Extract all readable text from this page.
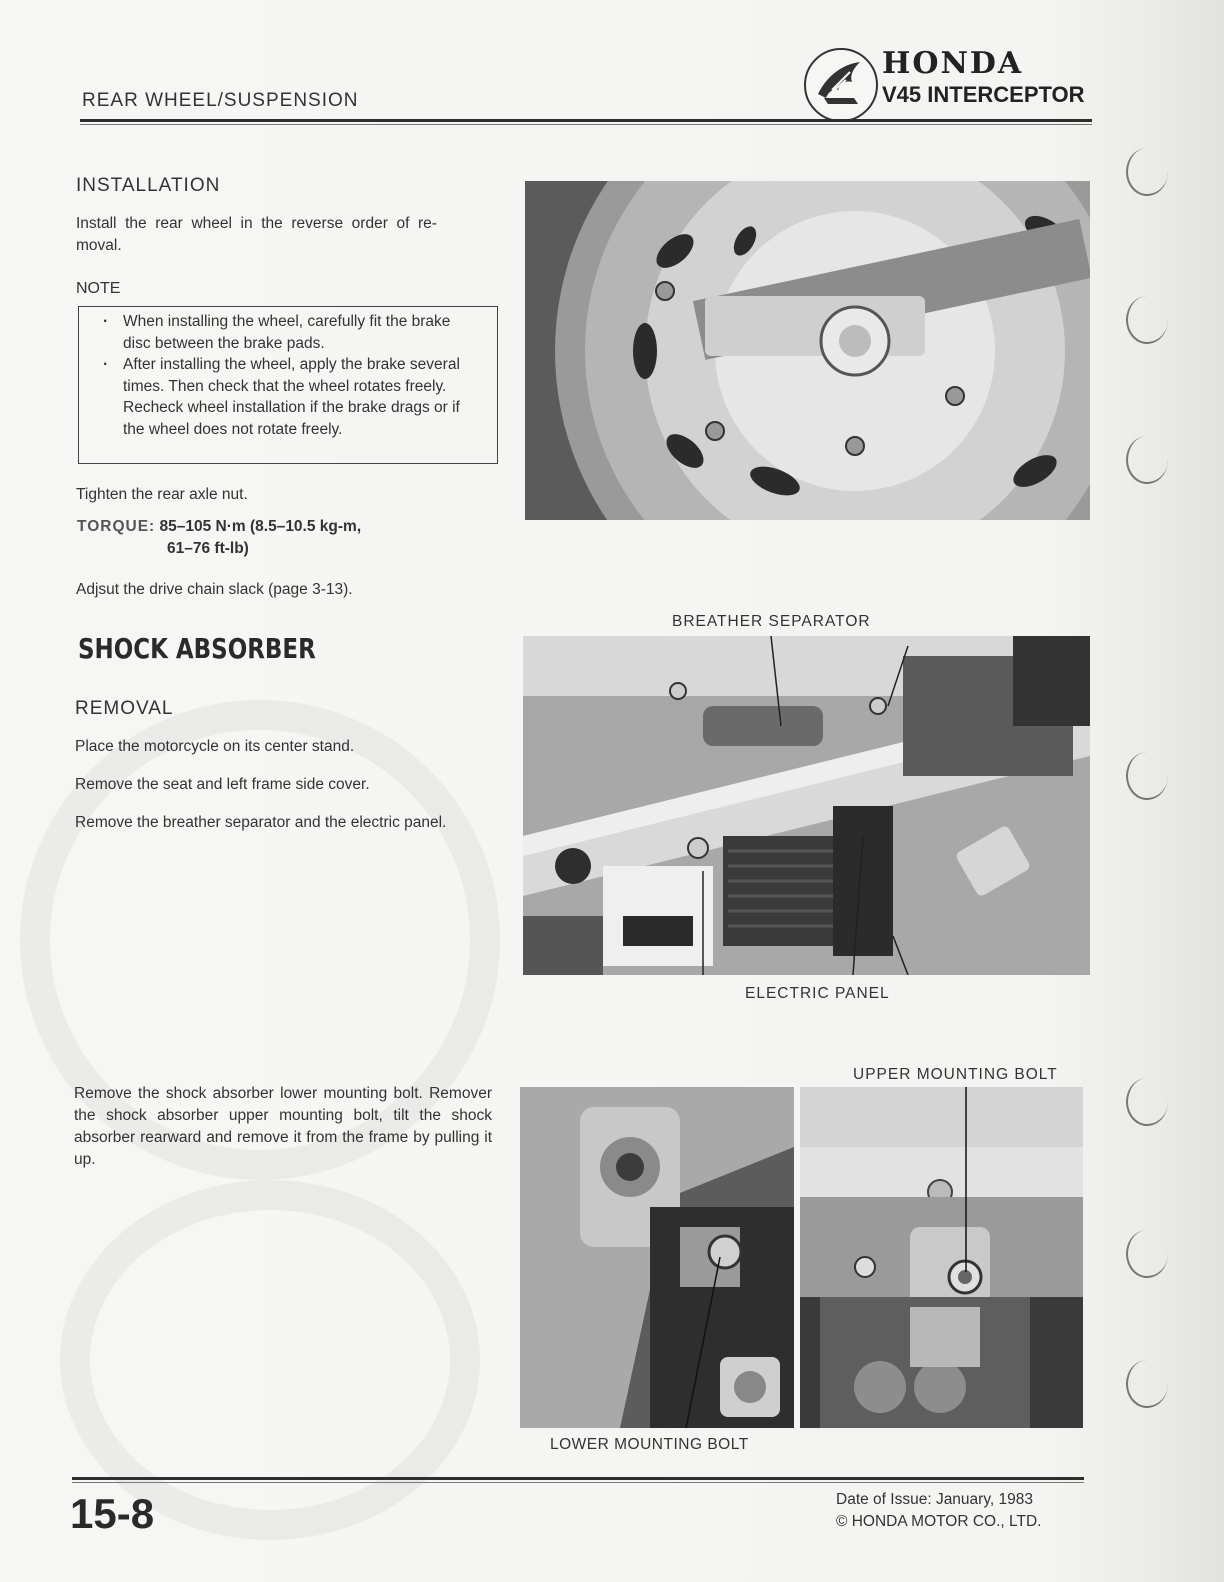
REAR WHEEL/SUSPENSION
HONDA
V45 INTERCEPTOR
INSTALLATION
Install  the  rear  wheel  in  the  reverse  order  of  re-
moval.
NOTE
· When installing the wheel, carefully fit the brake disc between the brake pads.
· After installing the wheel, apply the brake several times. Then check that the wheel rotates freely. Recheck wheel installation if the brake drags or if the wheel does not rotate freely.
Tighten the rear axle nut.
TORQUE: 85–105 N·m (8.5–10.5 kg-m,
61–76 ft-lb)
Adjsut the drive chain slack (page 3-13).
SHOCK ABSORBER
REMOVAL
Place the motorcycle on its center stand.
Remove the seat and left frame side cover.
Remove the breather separator and the electric panel.
BREATHER SEPARATOR
ELECTRIC PANEL
Remove the shock absorber lower mounting bolt. Remover the shock absorber upper mounting bolt, tilt the shock absorber rearward and remove it from the frame by pulling it up.
UPPER MOUNTING BOLT
LOWER MOUNTING BOLT
15-8	Date of Issue: January, 1983
© HONDA MOTOR CO., LTD.
